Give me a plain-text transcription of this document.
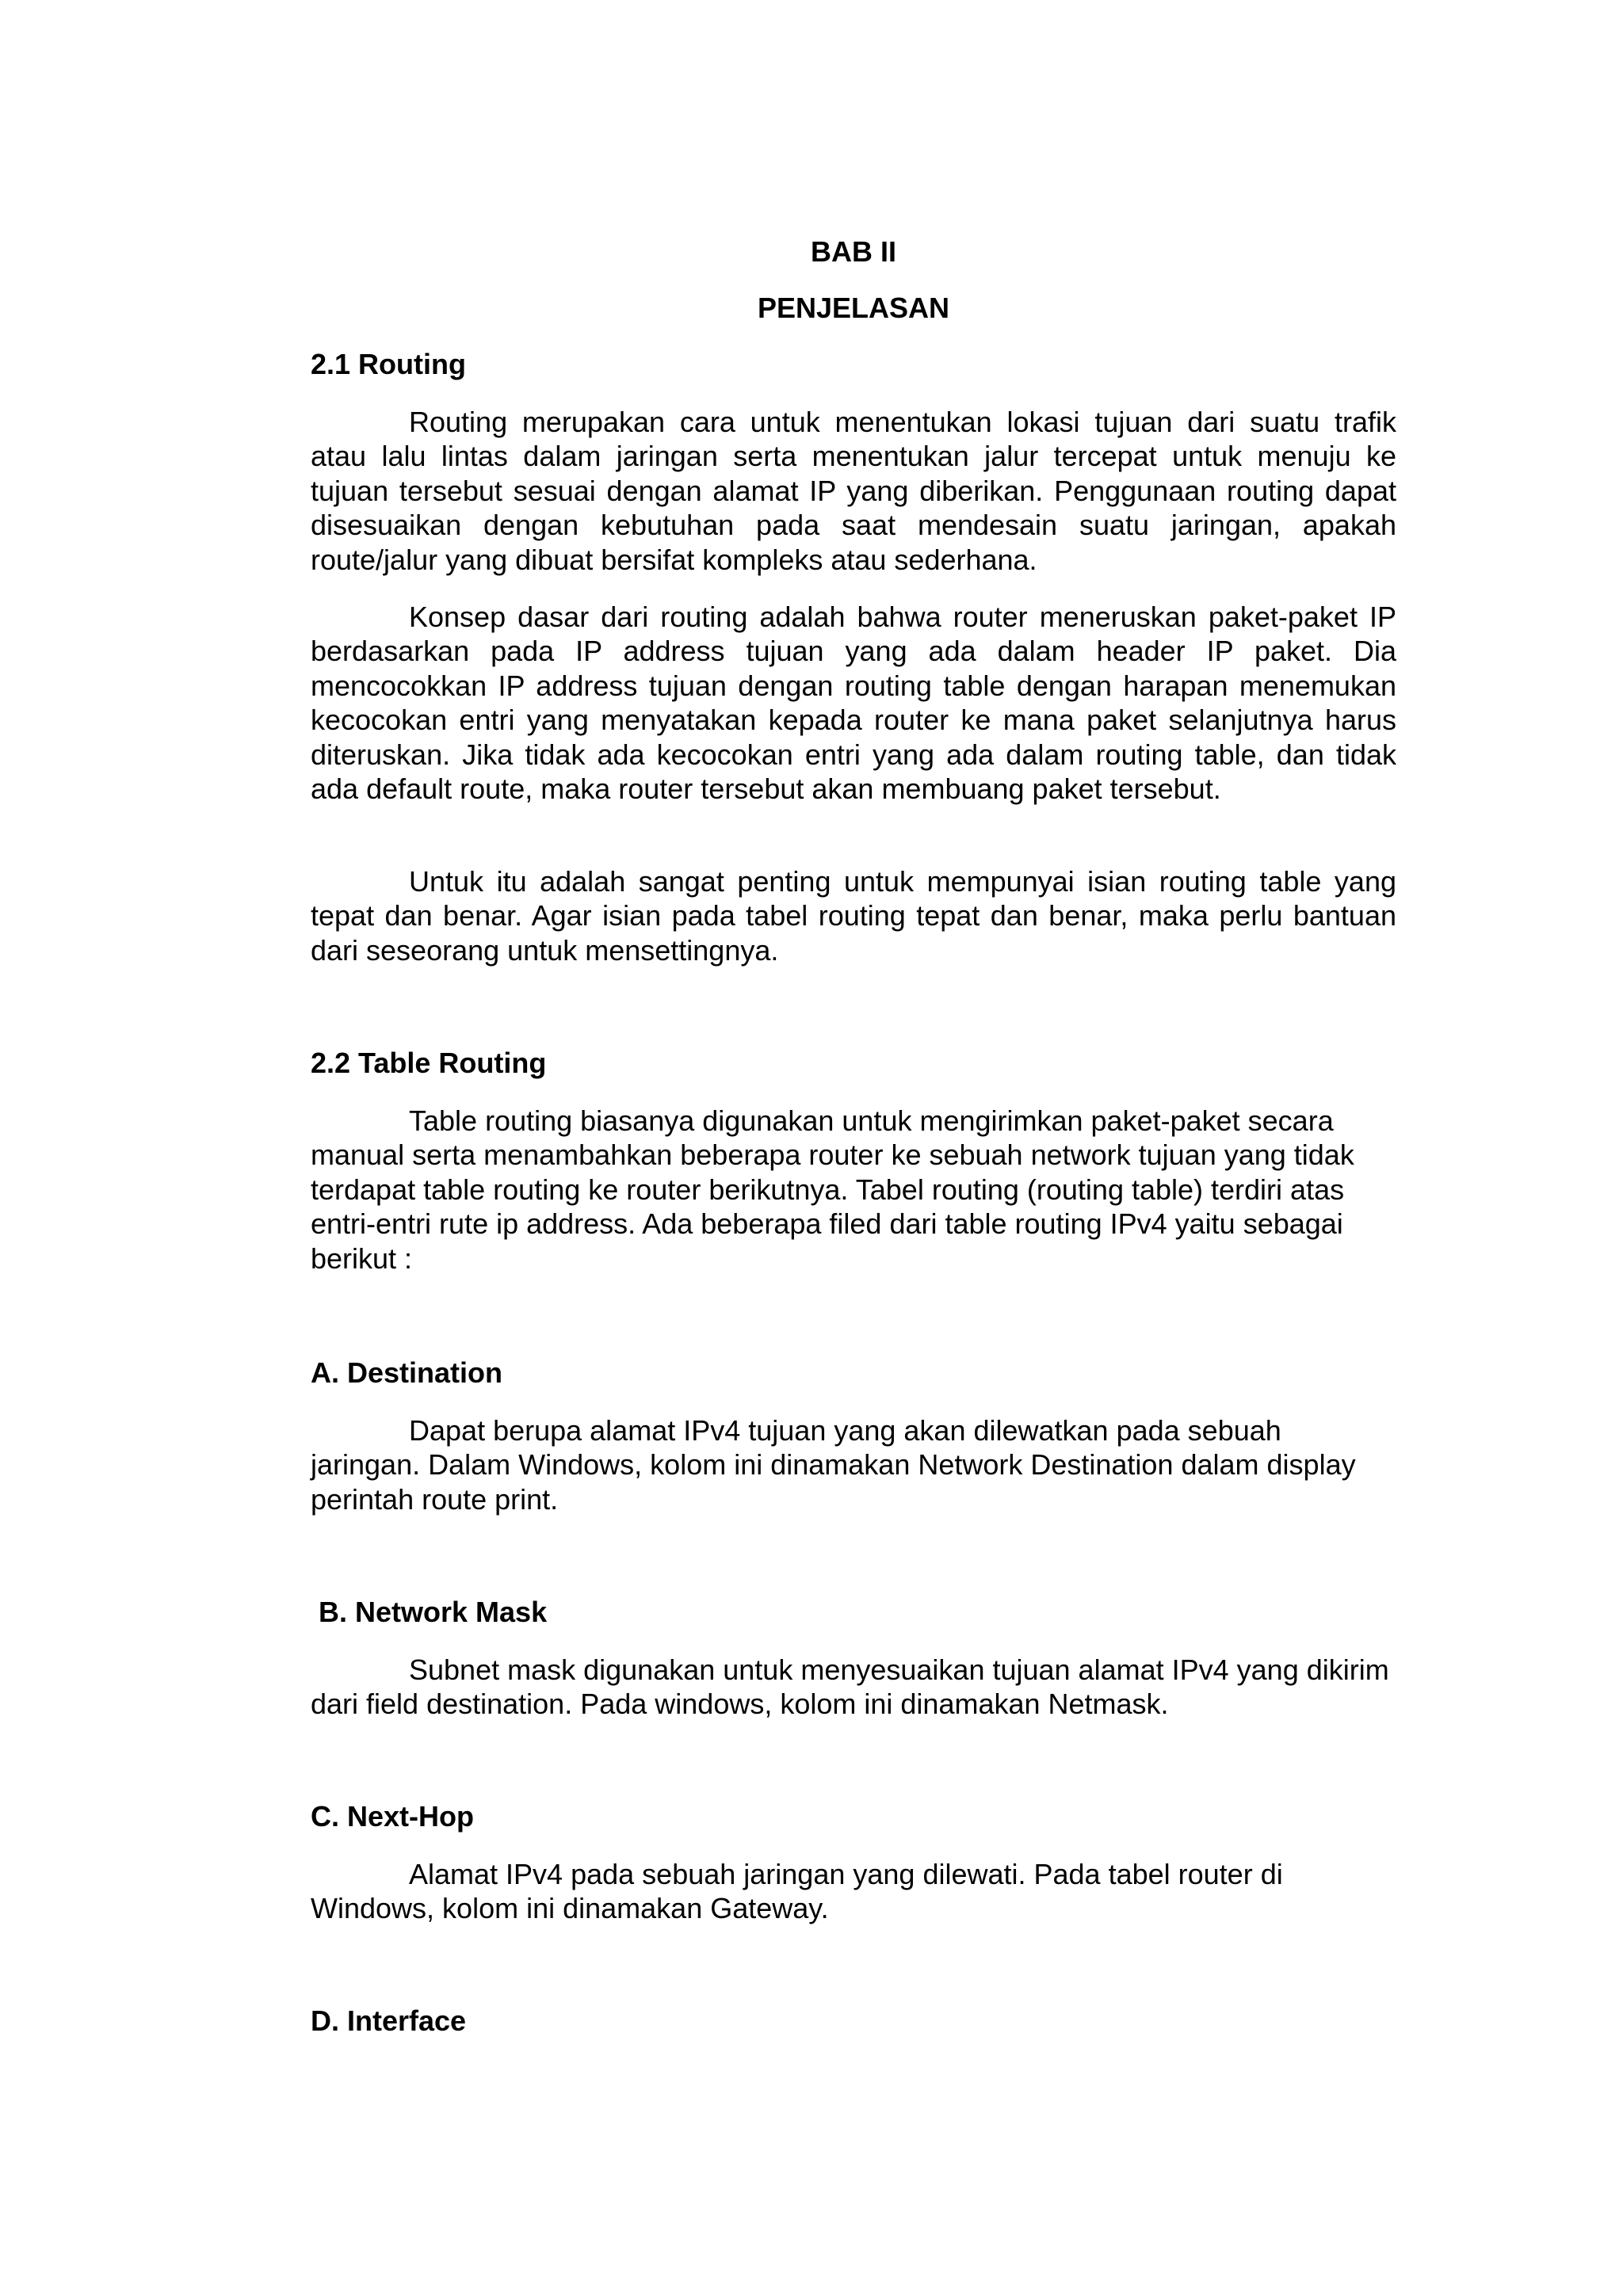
BAB II
PENJELASAN
2.1 Routing

Routing merupakan cara untuk menentukan lokasi tujuan dari suatu trafik atau lalu lintas dalam jaringan serta menentukan jalur tercepat untuk menuju ke tujuan tersebut sesuai dengan alamat IP yang diberikan. Penggunaan routing dapat disesuaikan dengan kebutuhan pada saat mendesain suatu jaringan, apakah route/jalur yang dibuat bersifat kompleks atau sederhana.

Konsep dasar dari routing adalah bahwa router meneruskan paket-paket IP berdasarkan pada IP address tujuan yang ada dalam header IP paket. Dia mencocokkan IP address tujuan dengan routing table dengan harapan menemukan kecocokan entri yang menyatakan kepada router ke mana paket selanjutnya harus diteruskan. Jika tidak ada kecocokan entri yang ada dalam routing table, dan tidak ada default route, maka router tersebut akan membuang paket tersebut.

Untuk itu adalah sangat penting untuk mempunyai isian routing table yang tepat dan benar. Agar isian pada tabel routing tepat dan benar, maka perlu bantuan dari seseorang untuk mensettingnya.

2.2 Table Routing

Table routing biasanya digunakan untuk mengirimkan paket-paket secara manual serta menambahkan beberapa router ke sebuah network tujuan yang tidak terdapat table routing ke router berikutnya. Tabel routing (routing table) terdiri atas entri-entri rute ip address. Ada beberapa filed dari table routing IPv4 yaitu sebagai berikut :

A. Destination

Dapat berupa alamat IPv4 tujuan yang akan dilewatkan pada sebuah jaringan. Dalam Windows, kolom ini dinamakan Network Destination dalam display perintah route print.

B. Network Mask

Subnet mask digunakan untuk menyesuaikan tujuan alamat IPv4 yang dikirim dari field destination. Pada windows, kolom ini dinamakan Netmask.

C. Next-Hop

Alamat IPv4 pada sebuah jaringan yang dilewati. Pada tabel router di Windows, kolom ini dinamakan Gateway.

D. Interface
